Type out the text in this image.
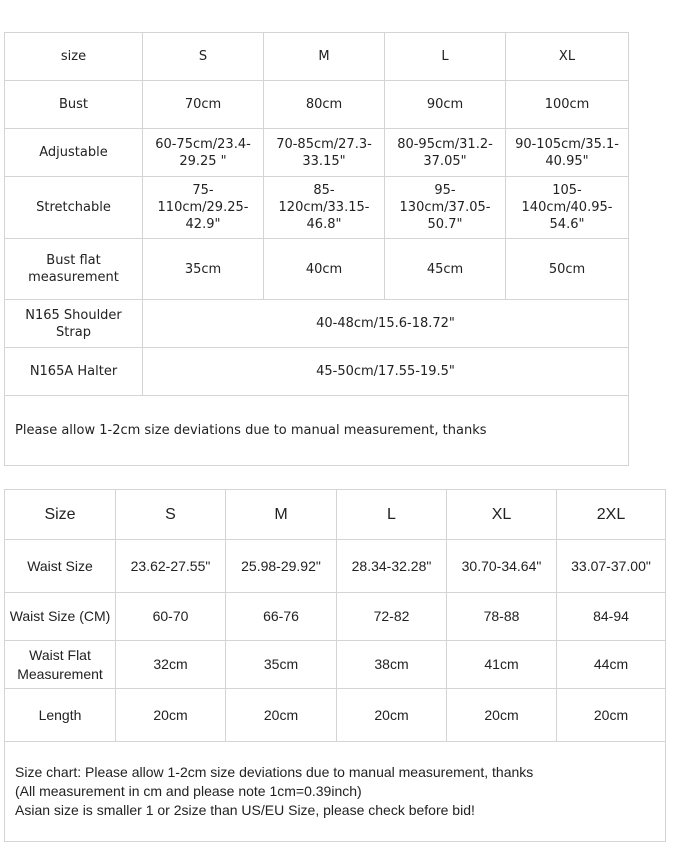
size	S	M	L	XL
Bust	70cm	80cm	90cm	100cm
Adjustable	60-75cm/23.4-29.25 "	70-85cm/27.3-33.15"	80-95cm/31.2-37.05"	90-105cm/35.1-40.95"
Stretchable	75-110cm/29.25-42.9"	85-120cm/33.15-46.8"	95-130cm/37.05-50.7"	105-140cm/40.95-54.6"
Bust flat measurement	35cm	40cm	45cm	50cm
N165 Shoulder Strap	40-48cm/15.6-18.72"			
N165A Halter	45-50cm/17.55-19.5"			
Please allow 1-2cm size deviations due to manual measurement, thanks				
Size	S	M	L	XL	2XL
Waist Size	23.62-27.55"	25.98-29.92"	28.34-32.28"	30.70-34.64"	33.07-37.00"
Waist Size (CM)	60-70	66-76	72-82	78-88	84-94
Waist Flat Measurement	32cm	35cm	38cm	41cm	44cm
Length	20cm	20cm	20cm	20cm	20cm

Size chart: Please allow 1-2cm size deviations due to manual measurement, thanks
(All measurement in cm and please note 1cm=0.39inch)
Asian size is smaller 1 or 2size than US/EU Size, please check before bid!					
